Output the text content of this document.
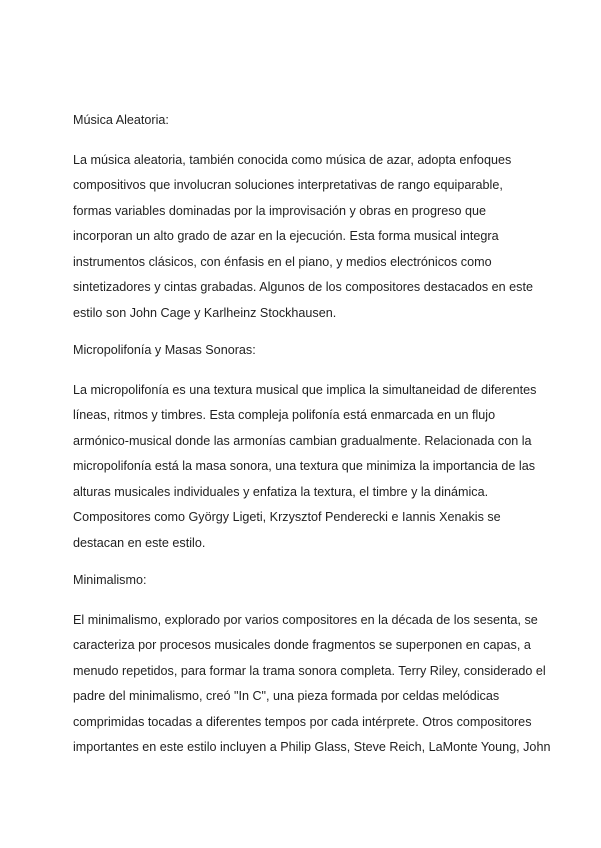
Música Aleatoria:

La música aleatoria, también conocida como música de azar, adopta enfoques
compositivos que involucran soluciones interpretativas de rango equiparable,
formas variables dominadas por la improvisación y obras en progreso que
incorporan un alto grado de azar en la ejecución. Esta forma musical integra
instrumentos clásicos, con énfasis en el piano, y medios electrónicos como
sintetizadores y cintas grabadas. Algunos de los compositores destacados en este
estilo son John Cage y Karlheinz Stockhausen.

Micropolifonía y Masas Sonoras:

La micropolifonía es una textura musical que implica la simultaneidad de diferentes
líneas, ritmos y timbres. Esta compleja polifonía está enmarcada en un flujo
armónico-musical donde las armonías cambian gradualmente. Relacionada con la
micropolifonía está la masa sonora, una textura que minimiza la importancia de las
alturas musicales individuales y enfatiza la textura, el timbre y la dinámica.
Compositores como György Ligeti, Krzysztof Penderecki e Iannis Xenakis se
destacan en este estilo.

Minimalismo:

El minimalismo, explorado por varios compositores en la década de los sesenta, se
caracteriza por procesos musicales donde fragmentos se superponen en capas, a
menudo repetidos, para formar la trama sonora completa. Terry Riley, considerado el
padre del minimalismo, creó "In C", una pieza formada por celdas melódicas
comprimidas tocadas a diferentes tempos por cada intérprete. Otros compositores
importantes en este estilo incluyen a Philip Glass, Steve Reich, LaMonte Young, John
